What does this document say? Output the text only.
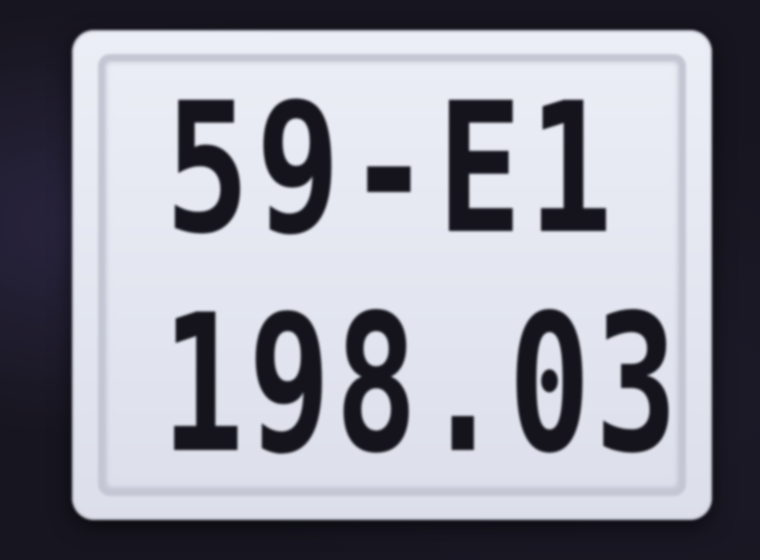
59-E1
198.03
